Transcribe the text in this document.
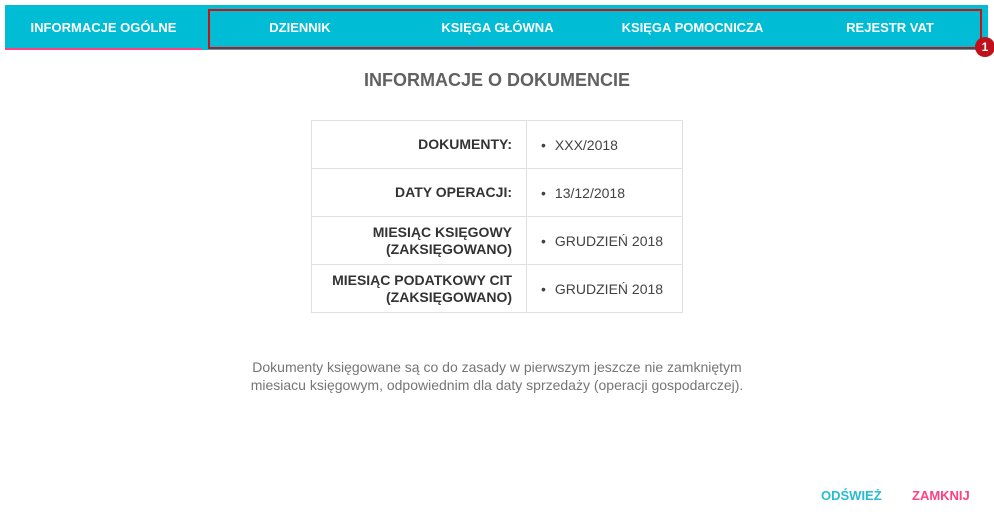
INFORMACJE OGÓLNE	DZIENNIK	KSIĘGA GŁÓWNA	KSIĘGA POMOCNICZA	REJESTR VAT
1
INFORMACJE O DOKUMENCIE
DOKUMENTY:	• XXX/2018
DATY OPERACJI:	• 13/12/2018
MIESIĄC KSIĘGOWY
(ZAKSIĘGOWANO)	• GRUDZIEŃ 2018
MIESIĄC PODATKOWY CIT
(ZAKSIĘGOWANO)	• GRUDZIEŃ 2018

Dokumenty księgowane są co do zasady w pierwszym jeszcze nie zamkniętym

miesiacu księgowym, odpowiednim dla daty sprzedaży (operacji gospodarczej).

ODŚWIEŻ ZAMKNIJ
